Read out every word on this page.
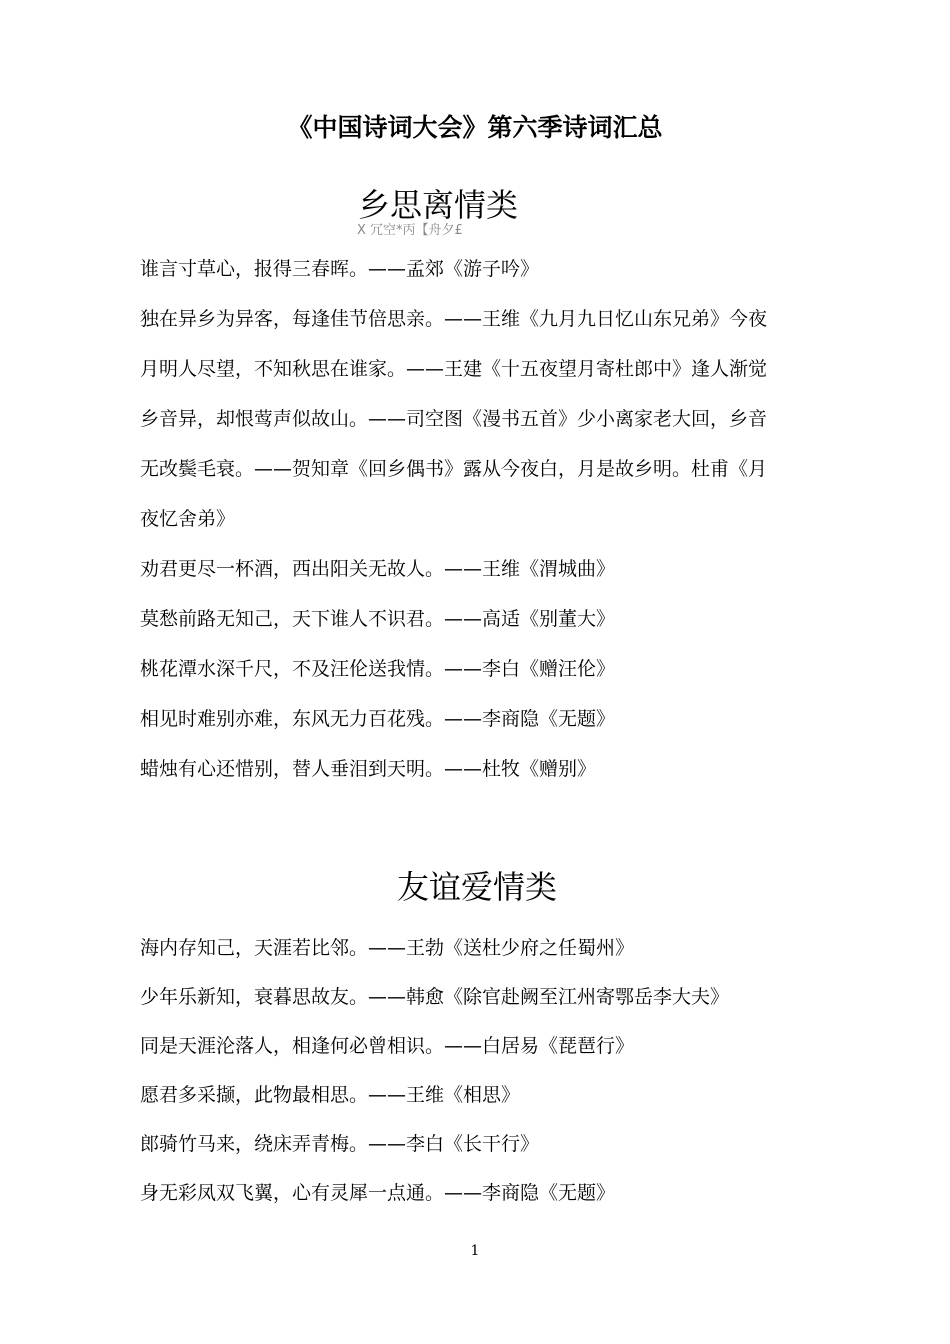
《中国诗词大会》第六季诗词汇总
乡思离情类
X 冗空*丙【舟夕£
谁言寸草心，报得三春晖。——孟郊《游子吟》
独在异乡为异客，每逢佳节倍思亲。——王维《九月九日忆山东兄弟》今夜
月明人尽望，不知秋思在谁家。——王建《十五夜望月寄杜郎中》逢人渐觉
乡音异，却恨莺声似故山。——司空图《漫书五首》少小离家老大回，乡音
无改鬓毛衰。——贺知章《回乡偶书》露从今夜白，月是故乡明。杜甫《月
夜忆舍弟》
劝君更尽一杯酒，西出阳关无故人。——王维《渭城曲》
莫愁前路无知己，天下谁人不识君。——高适《别董大》
桃花潭水深千尺，不及汪伦送我情。——李白《赠汪伦》
相见时难别亦难，东风无力百花残。——李商隐《无题》
蜡烛有心还惜别，替人垂泪到天明。——杜牧《赠别》
友谊爱情类
海内存知己，天涯若比邻。——王勃《送杜少府之任蜀州》
少年乐新知，衰暮思故友。——韩愈《除官赴阙至江州寄鄂岳李大夫》
同是天涯沦落人，相逢何必曾相识。——白居易《琵琶行》
愿君多采撷，此物最相思。——王维《相思》
郎骑竹马来，绕床弄青梅。——李白《长干行》
身无彩凤双飞翼，心有灵犀一点通。——李商隐《无题》
1
